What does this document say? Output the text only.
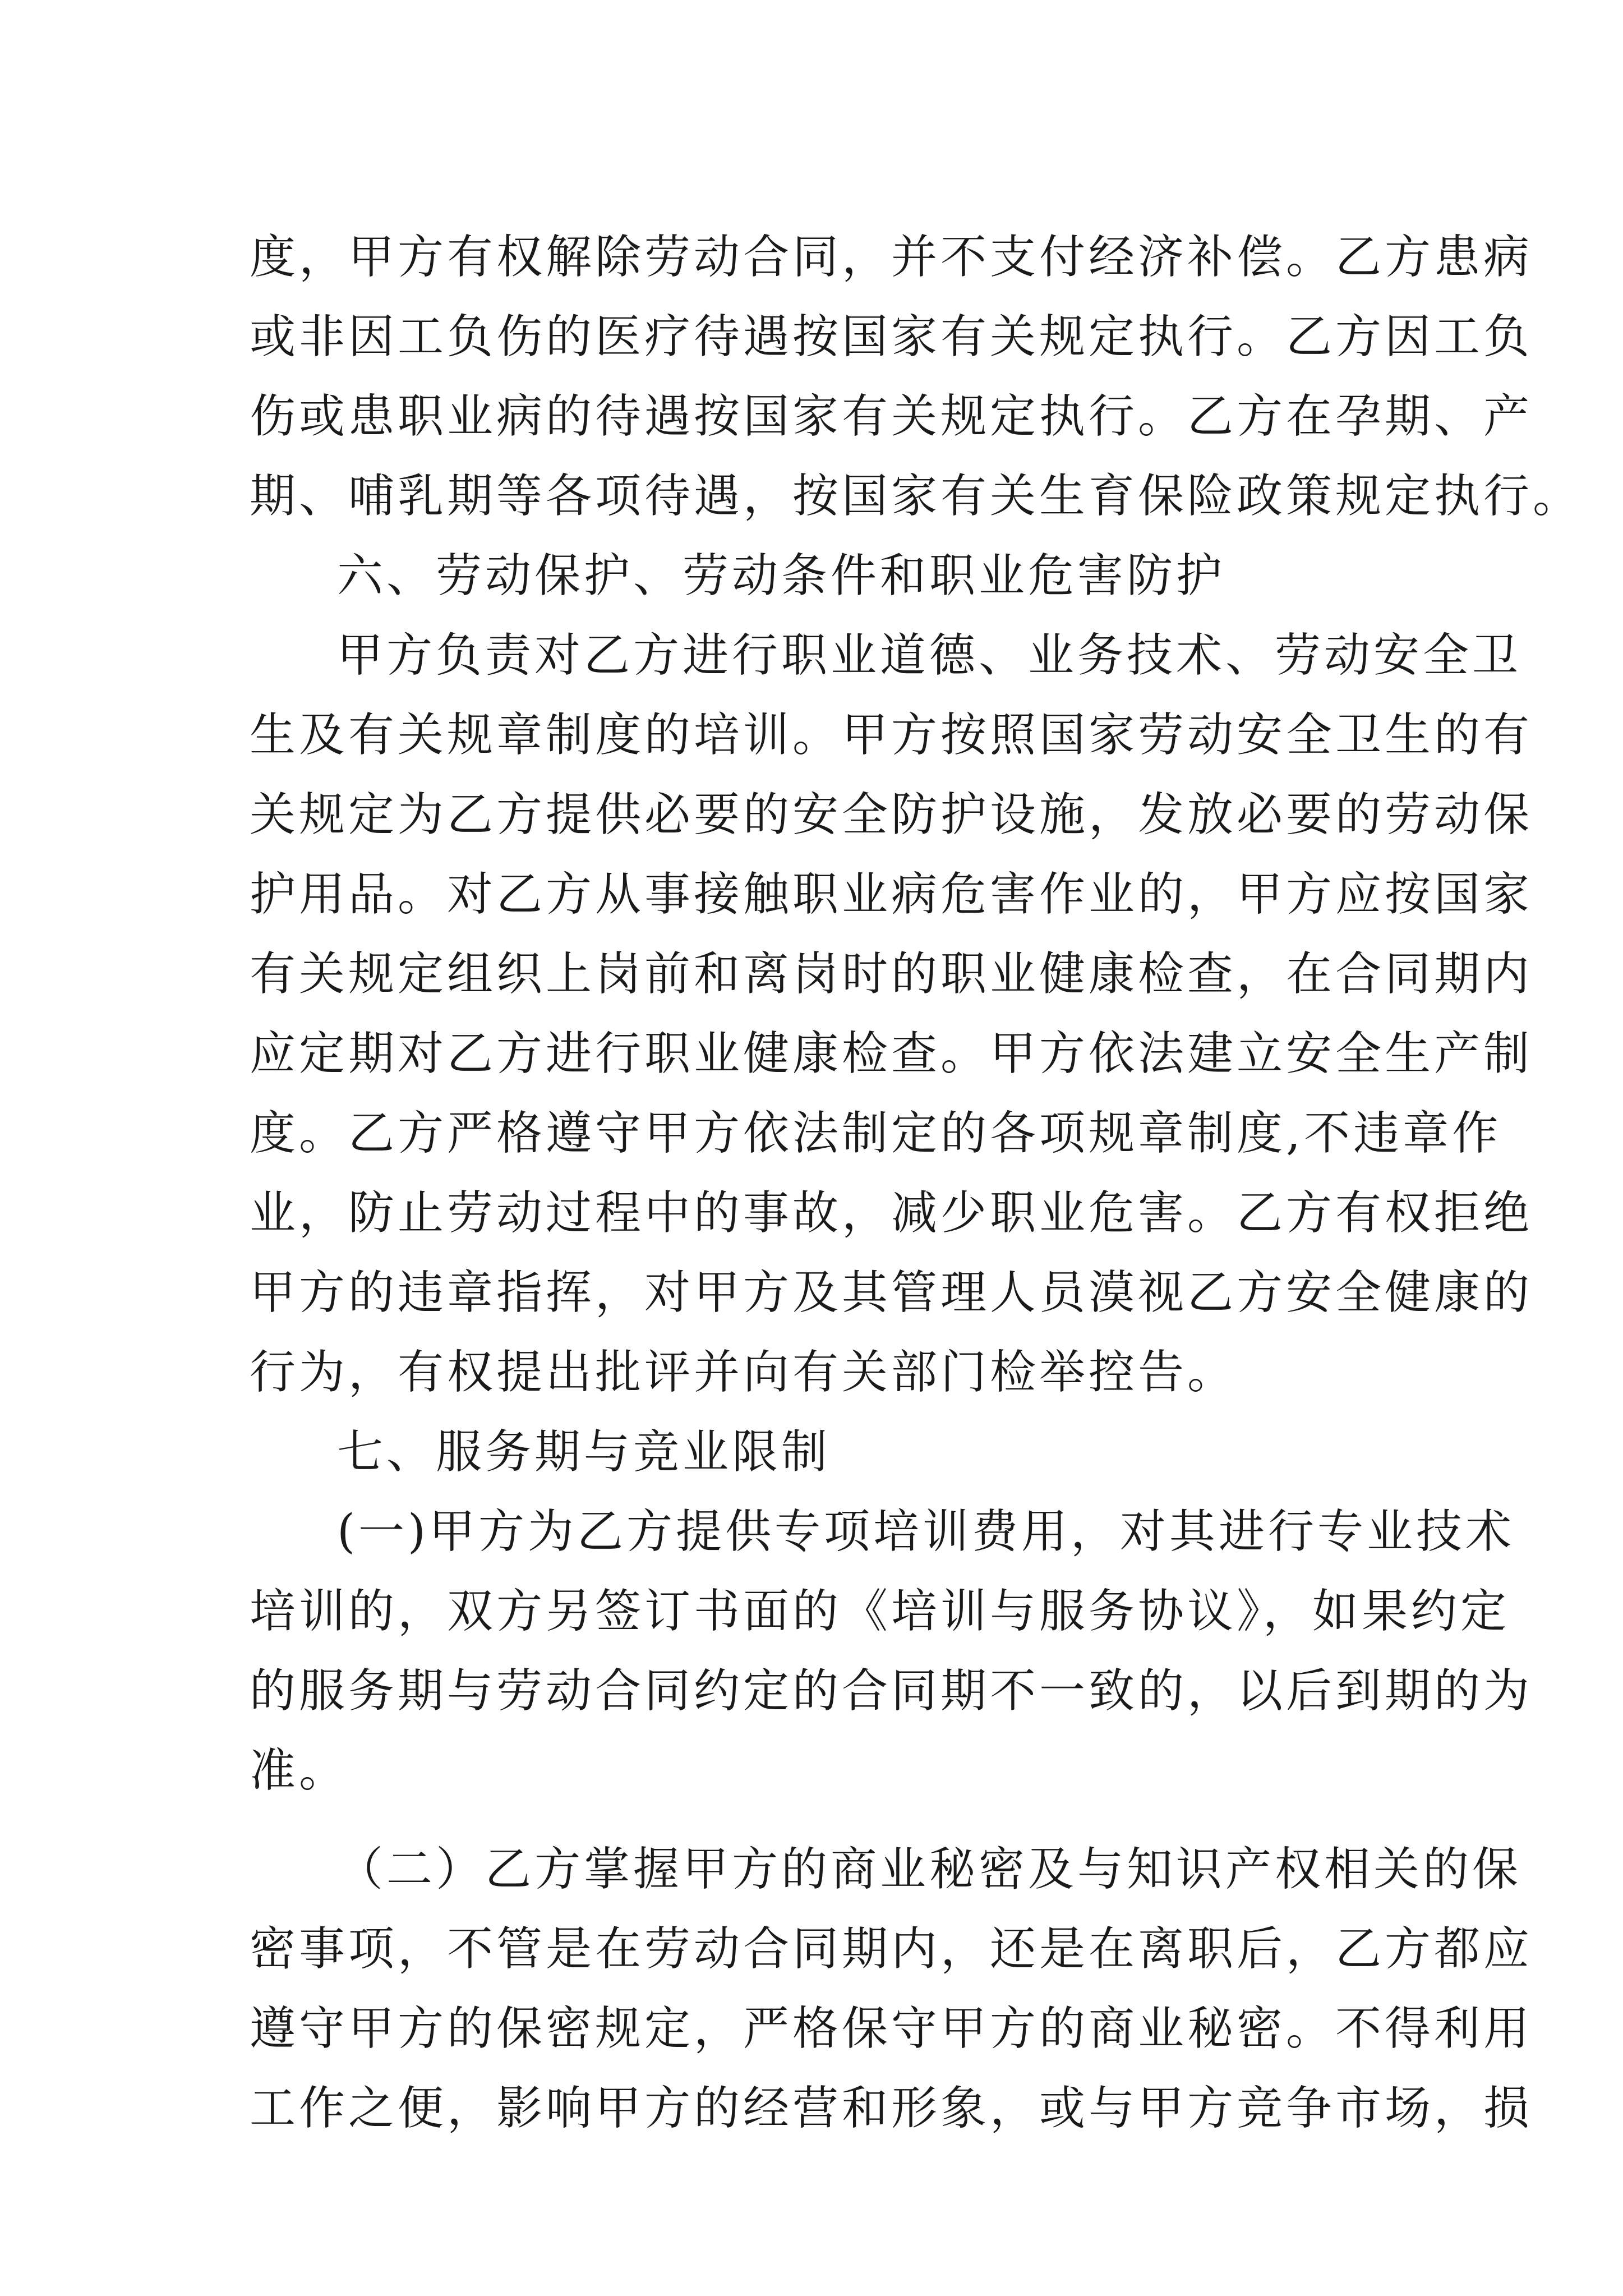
度，甲方有权解除劳动合同，并不支付经济补偿。乙方患病
或非因工负伤的医疗待遇按国家有关规定执行。乙方因工负
伤或患职业病的待遇按国家有关规定执行。乙方在孕期、产
期、哺乳期等各项待遇，按国家有关生育保险政策规定执行。
六、劳动保护、劳动条件和职业危害防护
甲方负责对乙方进行职业道德、业务技术、劳动安全卫
生及有关规章制度的培训。甲方按照国家劳动安全卫生的有
关规定为乙方提供必要的安全防护设施，发放必要的劳动保
护用品。对乙方从事接触职业病危害作业的，甲方应按国家
有关规定组织上岗前和离岗时的职业健康检查，在合同期内
应定期对乙方进行职业健康检查。甲方依法建立安全生产制
度。乙方严格遵守甲方依法制定的各项规章制度,不违章作
业，防止劳动过程中的事故，减少职业危害。乙方有权拒绝
甲方的违章指挥，对甲方及其管理人员漠视乙方安全健康的
行为，有权提出批评并向有关部门检举控告。
七、服务期与竞业限制
(一)甲方为乙方提供专项培训费用，对其进行专业技术
培训的，双方另签订书面的《培训与服务协议》，如果约定
的服务期与劳动合同约定的合同期不一致的，以后到期的为
准。
（二）乙方掌握甲方的商业秘密及与知识产权相关的保
密事项，不管是在劳动合同期内，还是在离职后，乙方都应
遵守甲方的保密规定，严格保守甲方的商业秘密。不得利用
工作之便，影响甲方的经营和形象，或与甲方竞争市场，损
